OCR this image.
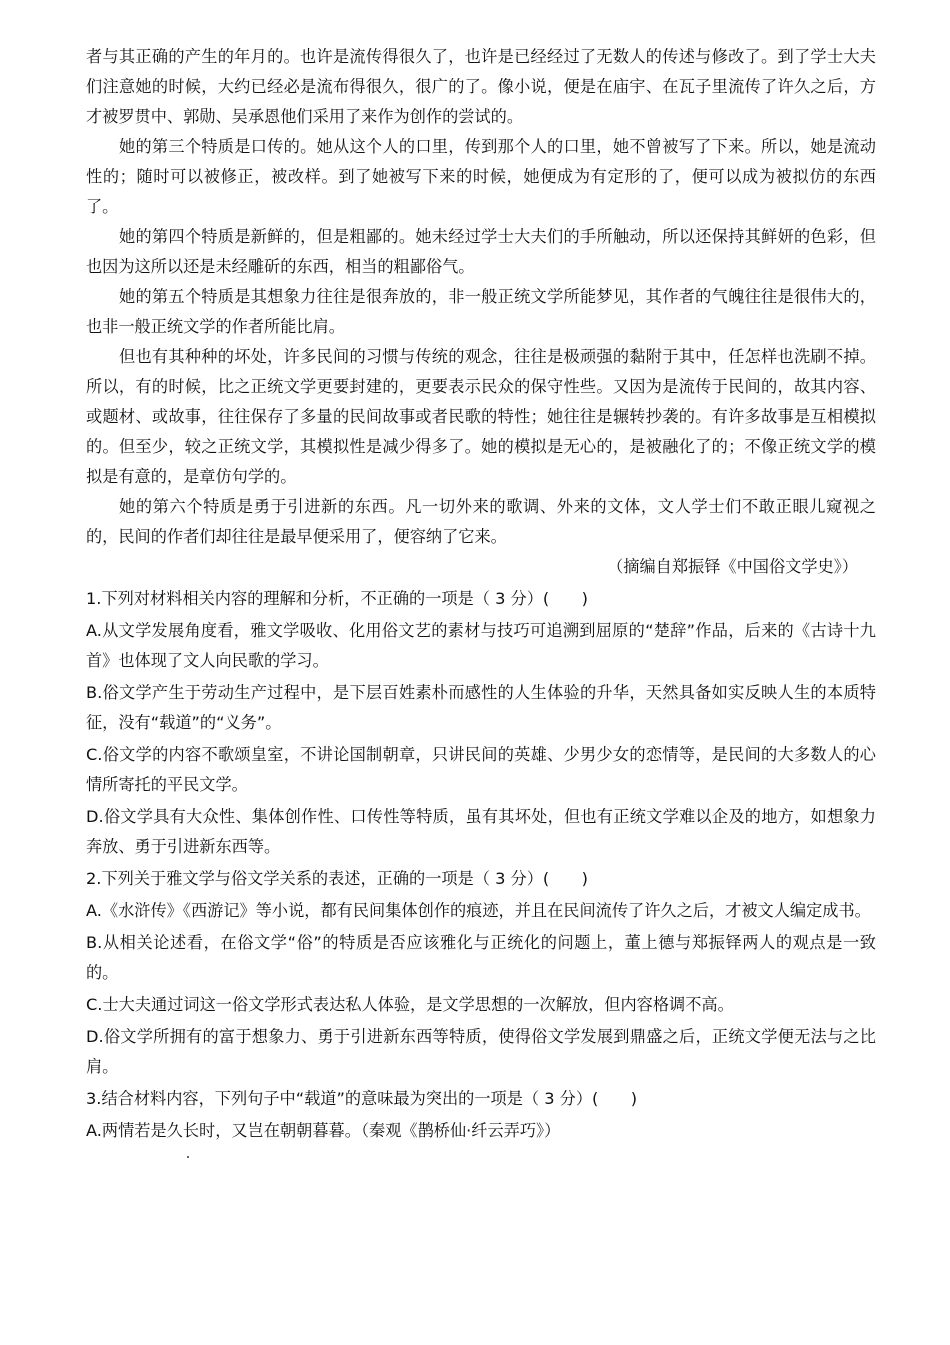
者与其正确的产生的年月的。也许是流传得很久了，也许是已经经过了无数人的传述与修改了。到了学士大夫们注意她的时候，大约已经必是流布得很久，很广的了。像小说，便是在庙宇、在瓦子里流传了许久之后，方才被罗贯中、郭勋、吴承恩他们采用了来作为创作的尝试的。

她的第三个特质是口传的。她从这个人的口里，传到那个人的口里，她不曾被写了下来。所以，她是流动性的；随时可以被修正，被改样。到了她被写下来的时候，她便成为有定形的了，便可以成为被拟仿的东西了。

她的第四个特质是新鲜的，但是粗鄙的。她未经过学士大夫们的手所触动，所以还保持其鲜妍的色彩，但也因为这所以还是未经雕斫的东西，相当的粗鄙俗气。

她的第五个特质是其想象力往往是很奔放的，非一般正统文学所能梦见，其作者的气魄往往是很伟大的，也非一般正统文学的作者所能比肩。

但也有其种种的坏处，许多民间的习惯与传统的观念，往往是极顽强的黏附于其中，任怎样也洗刷不掉。所以，有的时候，比之正统文学更要封建的，更要表示民众的保守性些。又因为是流传于民间的，故其内容、或题材、或故事，往往保存了多量的民间故事或者民歌的特性；她往往是辗转抄袭的。有许多故事是互相模拟的。但至少，较之正统文学，其模拟性是减少得多了。她的模拟是无心的，是被融化了的；不像正统文学的模拟是有意的，是章仿句学的。

她的第六个特质是勇于引进新的东西。凡一切外来的歌调、外来的文体，文人学士们不敢正眼儿窥视之的，民间的作者们却往往是最早便采用了，便容纳了它来。

（摘编自郑振铎《中国俗文学史》）

1.下列对材料相关内容的理解和分析，不正确的一项是（ 3 分）(　　)

A.从文学发展角度看，雅文学吸收、化用俗文艺的素材与技巧可追溯到屈原的“楚辞”作品，后来的《古诗十九首》也体现了文人向民歌的学习。

B.俗文学产生于劳动生产过程中，是下层百姓素朴而感性的人生体验的升华，天然具备如实反映人生的本质特征，没有“载道”的“义务”。

C.俗文学的内容不歌颂皇室，不讲论国制朝章，只讲民间的英雄、少男少女的恋情等，是民间的大多数人的心情所寄托的平民文学。

D.俗文学具有大众性、集体创作性、口传性等特质，虽有其坏处，但也有正统文学难以企及的地方，如想象力奔放、勇于引进新东西等。

2.下列关于雅文学与俗文学关系的表述，正确的一项是（ 3 分）(　　)

A.《水浒传》《西游记》等小说，都有民间集体创作的痕迹，并且在民间流传了许久之后，才被文人编定成书。

B.从相关论述看，在俗文学“俗”的特质是否应该雅化与正统化的问题上，董上德与郑振铎两人的观点是一致的。

C.士大夫通过词这一俗文学形式表达私人体验，是文学思想的一次解放，但内容格调不高。

D.俗文学所拥有的富于想象力、勇于引进新东西等特质，使得俗文学发展到鼎盛之后，正统文学便无法与之比肩。

3.结合材料内容，下列句子中“载道”的意味最为突出的一项是（ 3 分）(　　)

A.两情若是久长时，又岂在朝朝暮暮。（秦观《鹊桥仙·纤云弄巧》）
